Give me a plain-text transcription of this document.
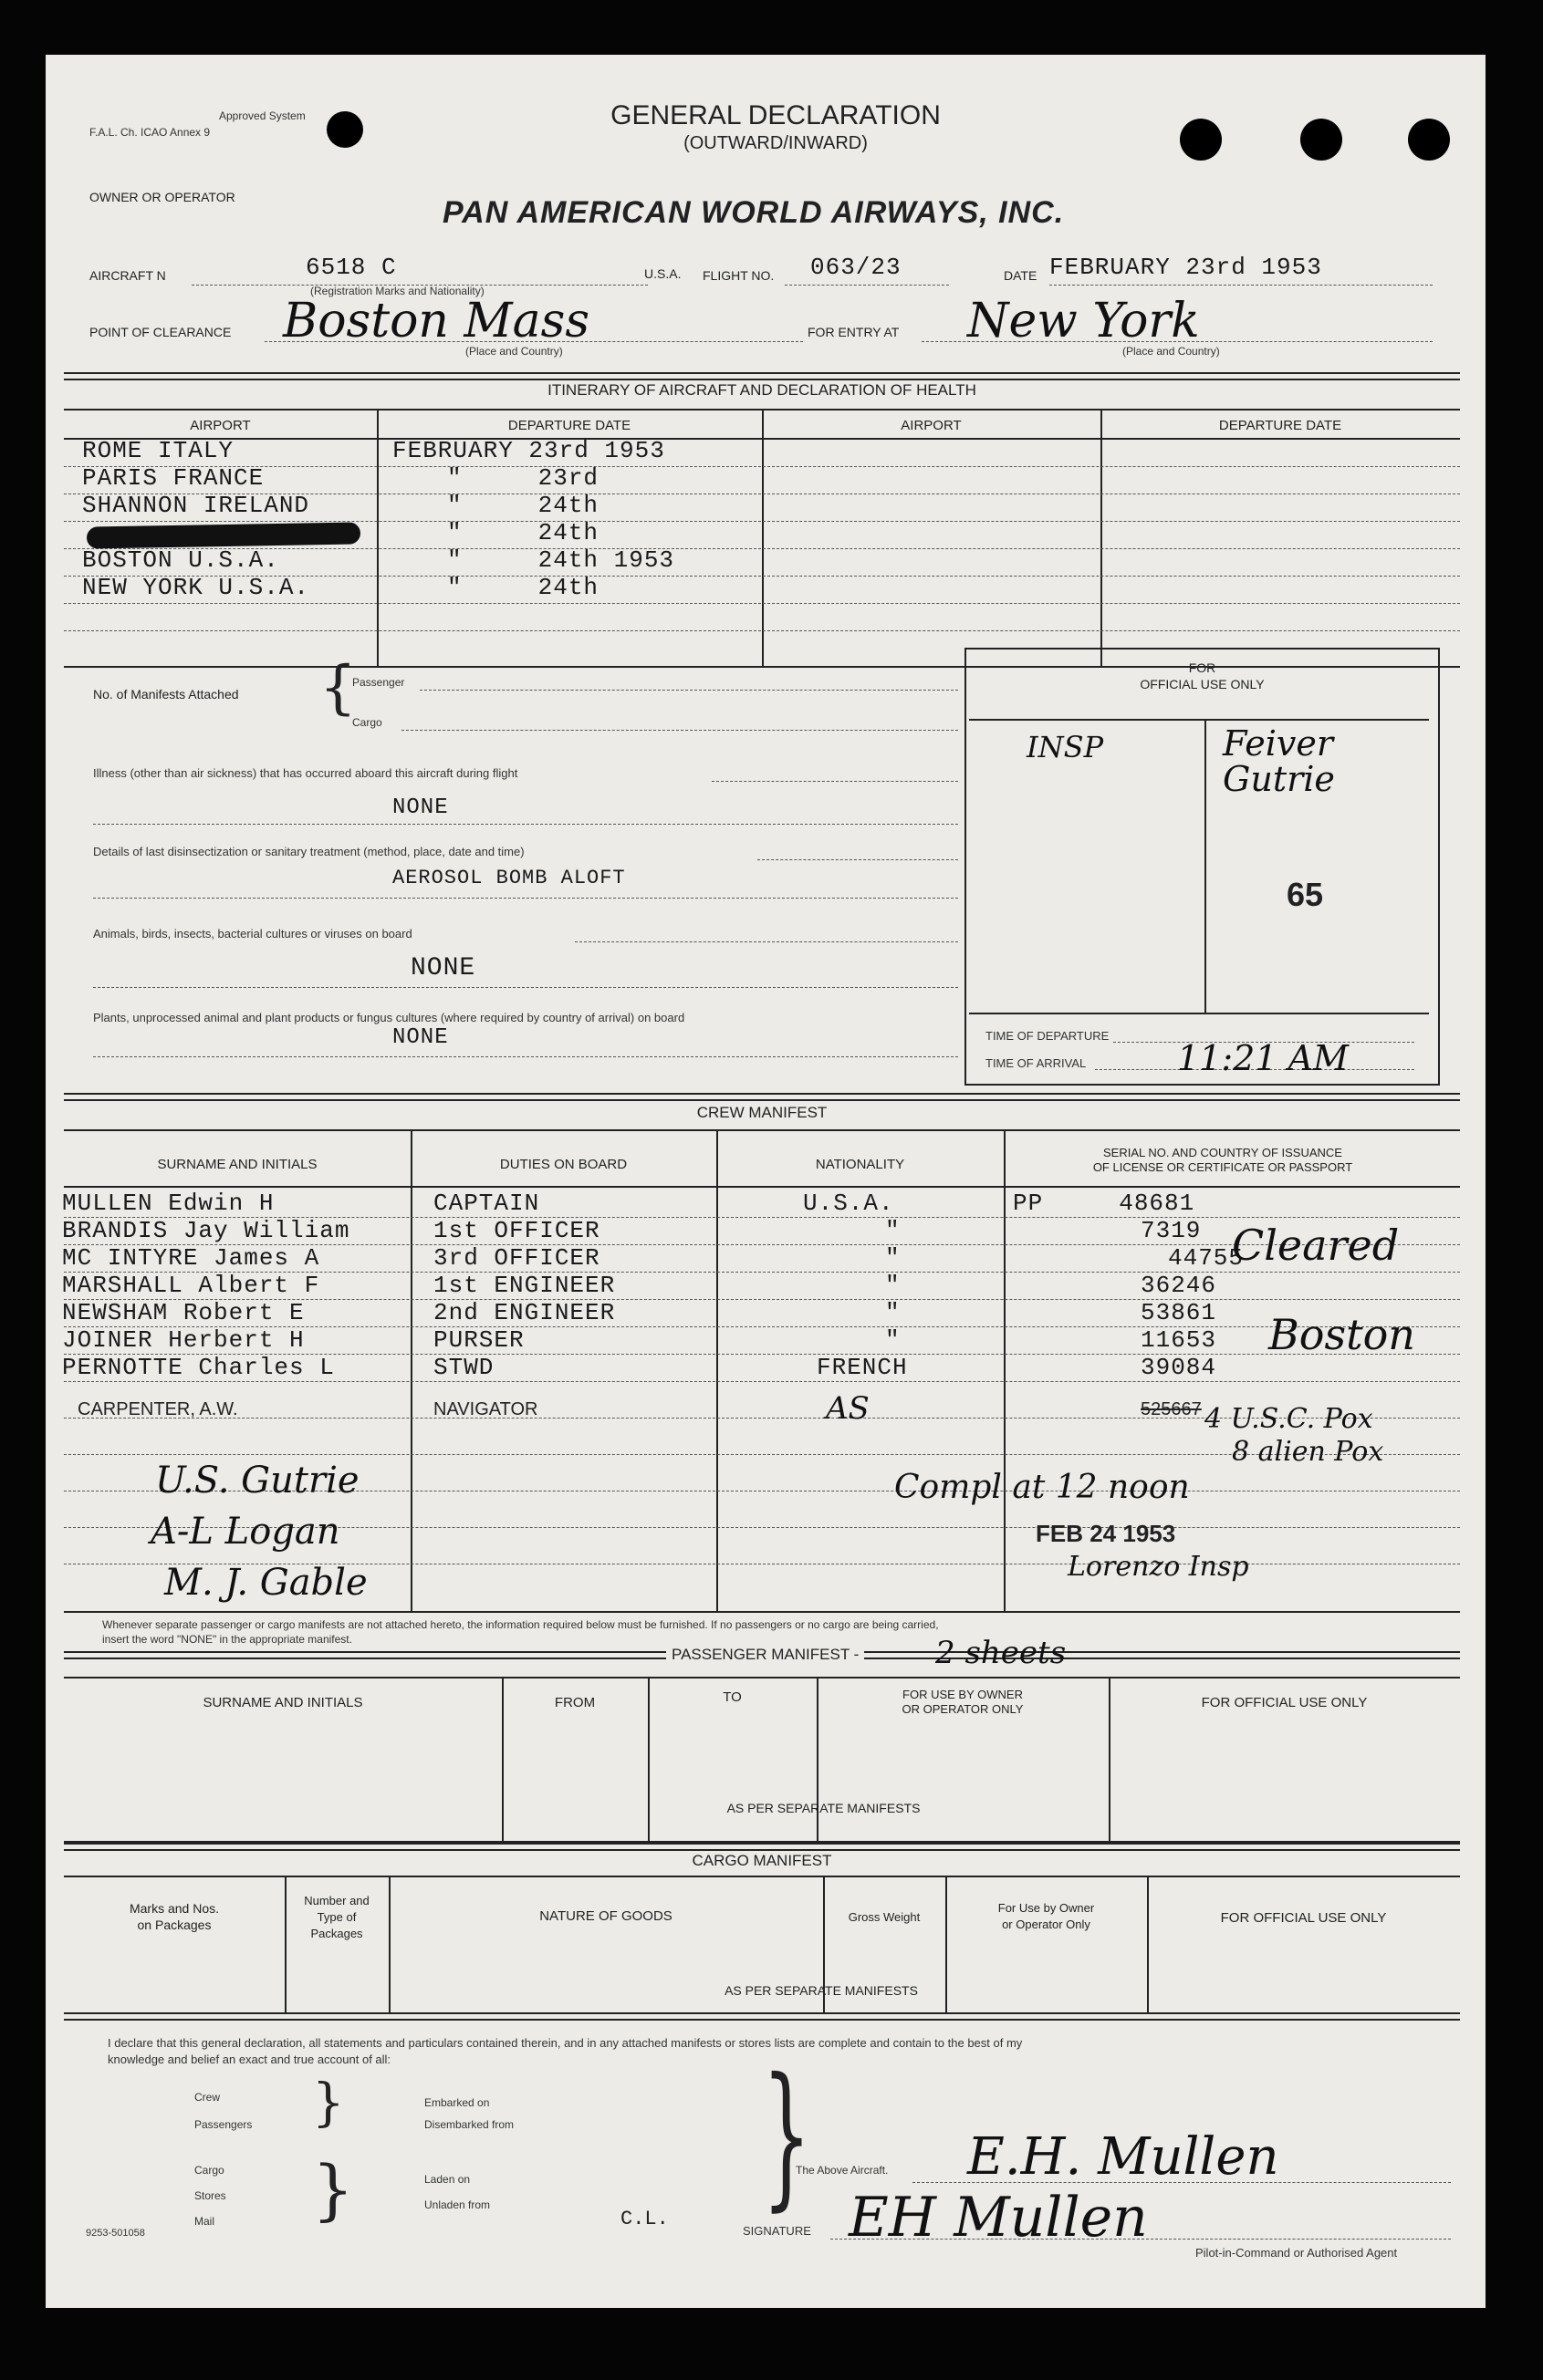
Approved System
F.A.L. Ch. ICAO Annex 9
GENERAL DECLARATION
(OUTWARD/INWARD)
OWNER OR OPERATOR	PAN AMERICAN WORLD AIRWAYS, INC.
AIRCRAFT N	6518 C
(Registration Marks and Nationality)
U.S.A. FLIGHT NO. 063/23	DATE FEBRUARY 23rd 1953
POINT OF CLEARANCE Boston Mass
(Place and Country)
FOR ENTRY AT New York
(Place and Country)
ITINERARY OF AIRCRAFT AND DECLARATION OF HEALTH
AIRPORT	DEPARTURE DATE	AIRPORT	DEPARTURE DATE
ROME ITALY	FEBRUARY 23rd 1953
PARIS FRANCE	"     23rd
SHANNON IRELAND	"     24th
"     24th
BOSTON U.S.A.	"     24th 1953
NEW YORK U.S.A.	"     24th
No. of Manifests Attached {
Passenger
Cargo
Illness (other than air sickness) that has occurred aboard this aircraft during flight
NONE
Details of last disinsectization or sanitary treatment (method, place, date and time)
AEROSOL BOMB ALOFT
Animals, birds, insects, bacterial cultures or viruses on board
NONE
Plants, unprocessed animal and plant products or fungus cultures (where required by country of arrival) on board
NONE
FOR
OFFICIAL USE ONLY
INSP	Feiver
Gutrie
65
TIME OF DEPARTURE
TIME OF ARRIVAL	11:21 AM
CREW MANIFEST
SURNAME AND INITIALS	DUTIES ON BOARD	NATIONALITY
SERIAL NO. AND COUNTRY OF ISSUANCE
OF LICENSE OR CERTIFICATE OR PASSPORT
MULLEN Edwin H	CAPTAIN	U.S.A.	PP     48681
BRANDIS Jay William	1st OFFICER	"	7319
MC INTYRE James A	3rd OFFICER	"	44755
MARSHALL Albert F	1st ENGINEER	"	36246
NEWSHAM Robert E	2nd ENGINEER	"	53861
JOINER Herbert H	PURSER	"	11653
PERNOTTE Charles L	STWD	FRENCH	39084
CARPENTER, A.W.	NAVIGATOR	AS	525667
Cleared
Boston
4 U.S.C. Pox
8 alien Pox
U.S. Gutrie
A-L Logan
M. J. Gable
Compl at 12 noon
FEB 24 1953
Lorenzo Insp
Whenever separate passenger or cargo manifests are not attached hereto, the information required below must be furnished. If no passengers or no cargo are being carried,
insert the word "NONE" in the appropriate manifest.
PASSENGER MANIFEST - 2 sheets
SURNAME AND INITIALS	FROM	TO	FOR USE BY OWNER
OR OPERATOR ONLY	FOR OFFICIAL USE ONLY
AS PER SEPARATE MANIFESTS
CARGO MANIFEST
Marks and Nos.
on Packages
Number and
Type of
Packages
NATURE OF GOODS	Gross Weight
For Use by Owner
or Operator Only	FOR OFFICIAL USE ONLY
AS PER SEPARATE MANIFESTS
I declare that this general declaration, all statements and particulars contained therein, and in any attached manifests or stores lists are complete and contain to the best of my
knowledge and belief an exact and true account of all:
Crew
Passengers }	Embarked on
Disembarked from
Cargo
Stores
Mail }	Laden on
Unladen from }
The Above Aircraft. E.H. Mullen
C.L.
SIGNATURE EH Mullen
Pilot-in-Command or Authorised Agent
9253-501058
